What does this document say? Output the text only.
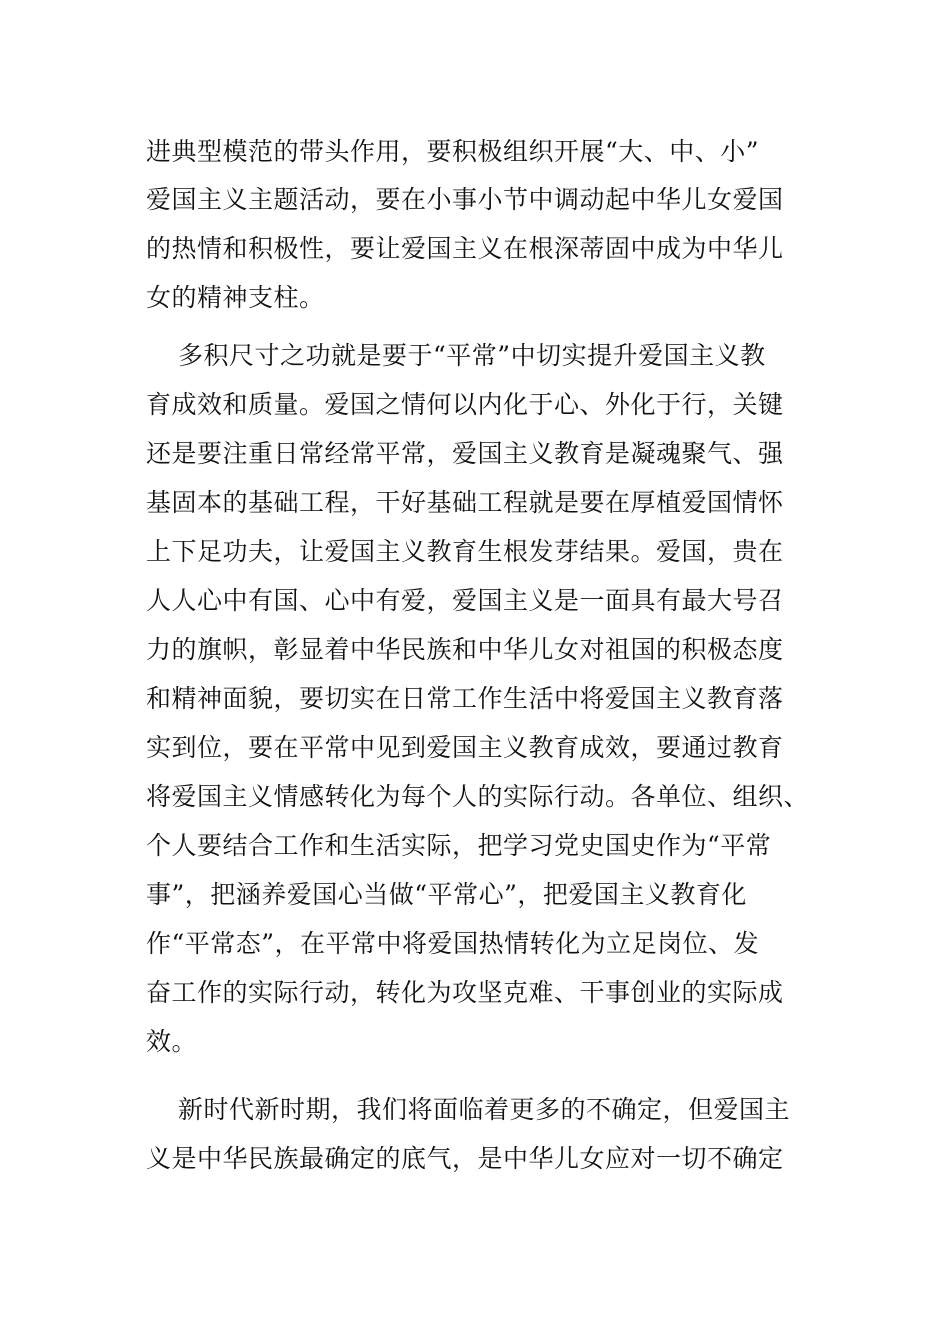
进典型模范的带头作用，要积极组织开展“大、中、小”
爱国主义主题活动，要在小事小节中调动起中华儿女爱国
的热情和积极性，要让爱国主义在根深蒂固中成为中华儿
女的精神支柱。
多积尺寸之功就是要于“平常”中切实提升爱国主义教
育成效和质量。爱国之情何以内化于心、外化于行，关键
还是要注重日常经常平常，爱国主义教育是凝魂聚气、强
基固本的基础工程，干好基础工程就是要在厚植爱国情怀
上下足功夫，让爱国主义教育生根发芽结果。爱国，贵在
人人心中有国、心中有爱，爱国主义是一面具有最大号召
力的旗帜，彰显着中华民族和中华儿女对祖国的积极态度
和精神面貌，要切实在日常工作生活中将爱国主义教育落
实到位，要在平常中见到爱国主义教育成效，要通过教育
将爱国主义情感转化为每个人的实际行动。各单位、组织、
个人要结合工作和生活实际，把学习党史国史作为“平常
事”，把涵养爱国心当做“平常心”，把爱国主义教育化
作“平常态”，在平常中将爱国热情转化为立足岗位、发
奋工作的实际行动，转化为攻坚克难、干事创业的实际成
效。
新时代新时期，我们将面临着更多的不确定，但爱国主
义是中华民族最确定的底气，是中华儿女应对一切不确定
